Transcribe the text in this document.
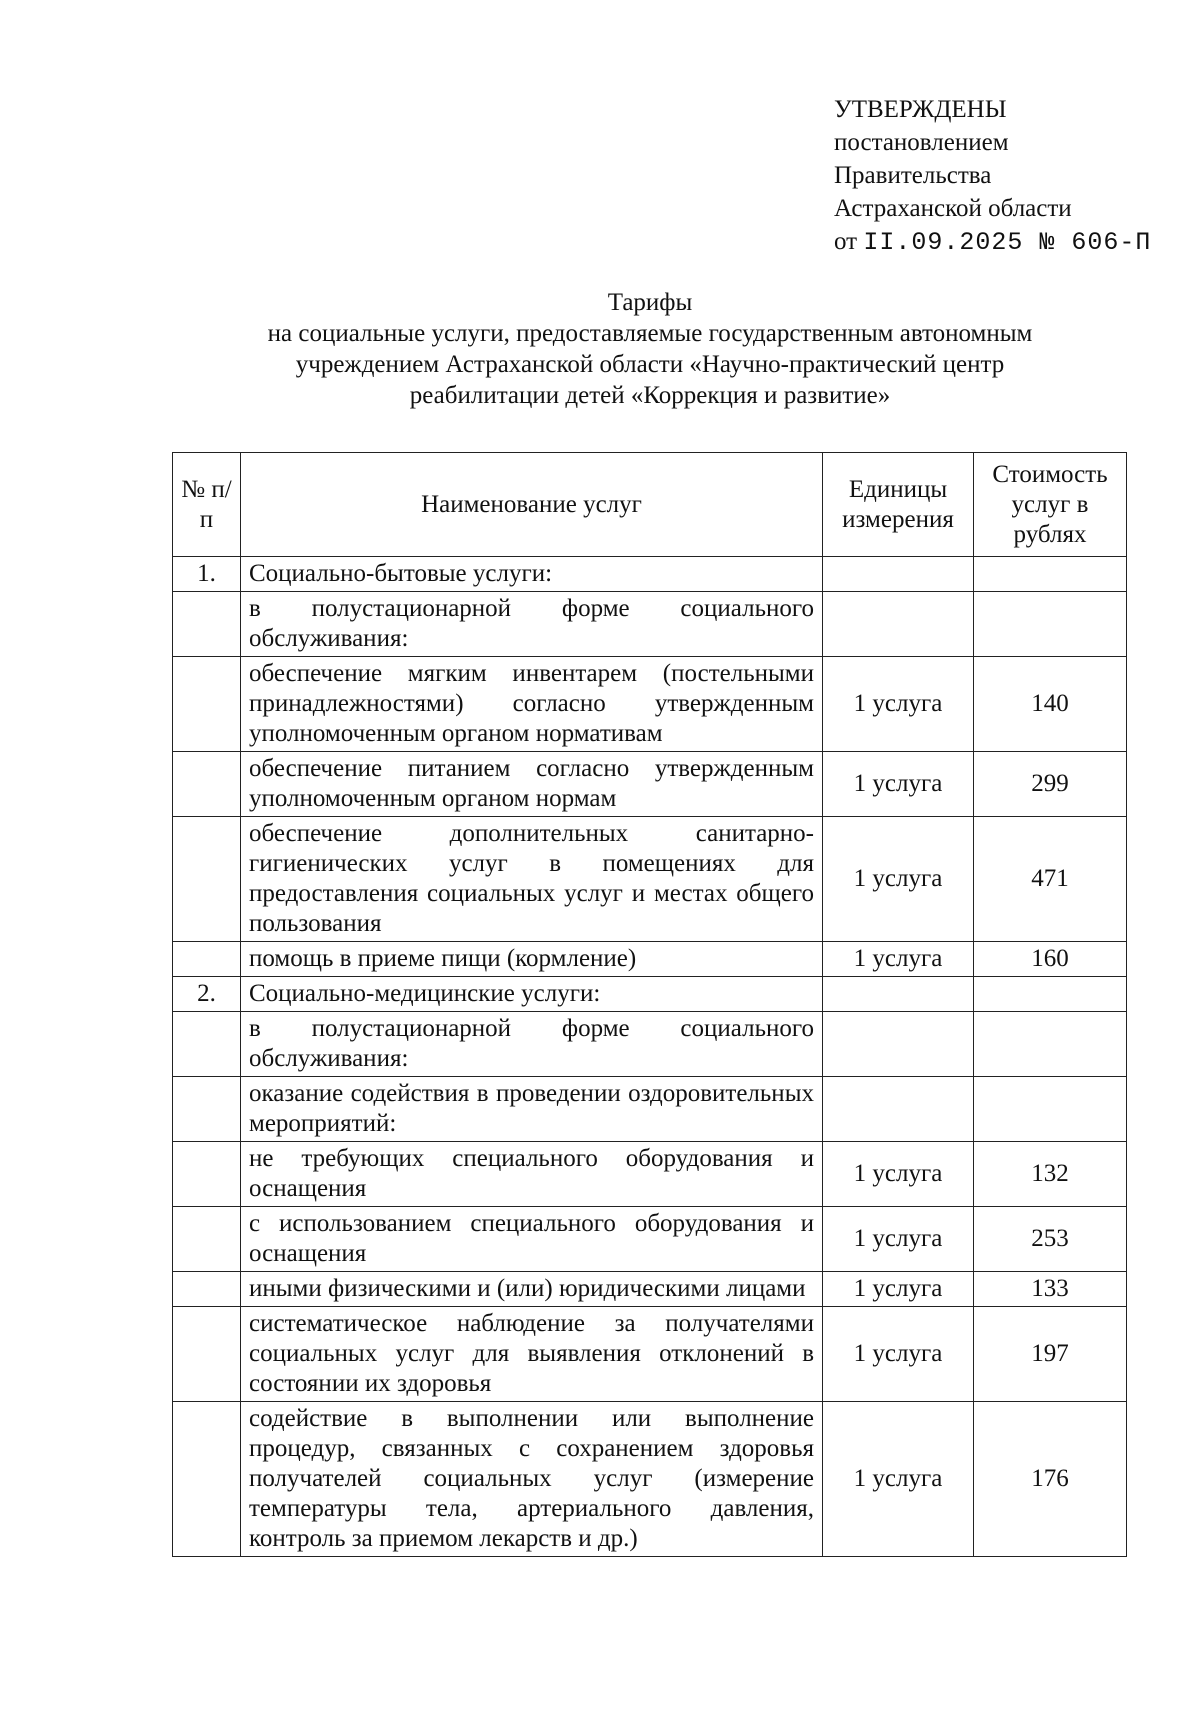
УТВЕРЖДЕНЫ
постановлением
Правительства
Астраханской области
от II.09.2025 № 606-П
Тарифы
на социальные услуги, предоставляемые государственным автономным
учреждением Астраханской области «Научно-практический центр
реабилитации детей «Коррекция и развитие»
№ п/п	Наименование услуг	Единицы измерения	Стоимость услуг в рублях
1.	Социально-бытовые услуги:		
	в полустационарной форме социального обслуживания:		
	обеспечение мягким инвентарем (постельными принадлежностями) согласно утвержденным уполномоченным органом нормативам	1 услуга	140
	обеспечение питанием согласно утвержденным уполномоченным органом нормам	1 услуга	299
	обеспечение дополнительных санитарно-гигиенических услуг в помещениях для предоставления социальных услуг и местах общего пользования	1 услуга	471
	помощь в приеме пищи (кормление)	1 услуга	160
2.	Социально-медицинские услуги:		
	в полустационарной форме социального обслуживания:		
	оказание содействия в проведении оздоровительных мероприятий:		
	не требующих специального оборудования и оснащения	1 услуга	132
	с использованием специального оборудования и оснащения	1 услуга	253
	иными физическими и (или) юридическими лицами	1 услуга	133
	систематическое наблюдение за получателями социальных услуг для выявления отклонений в состоянии их здоровья	1 услуга	197
	содействие в выполнении или выполнение процедур, связанных с сохранением здоровья получателей социальных услуг (измерение температуры тела, артериального давления, контроль за приемом лекарств и др.)	1 услуга	176
